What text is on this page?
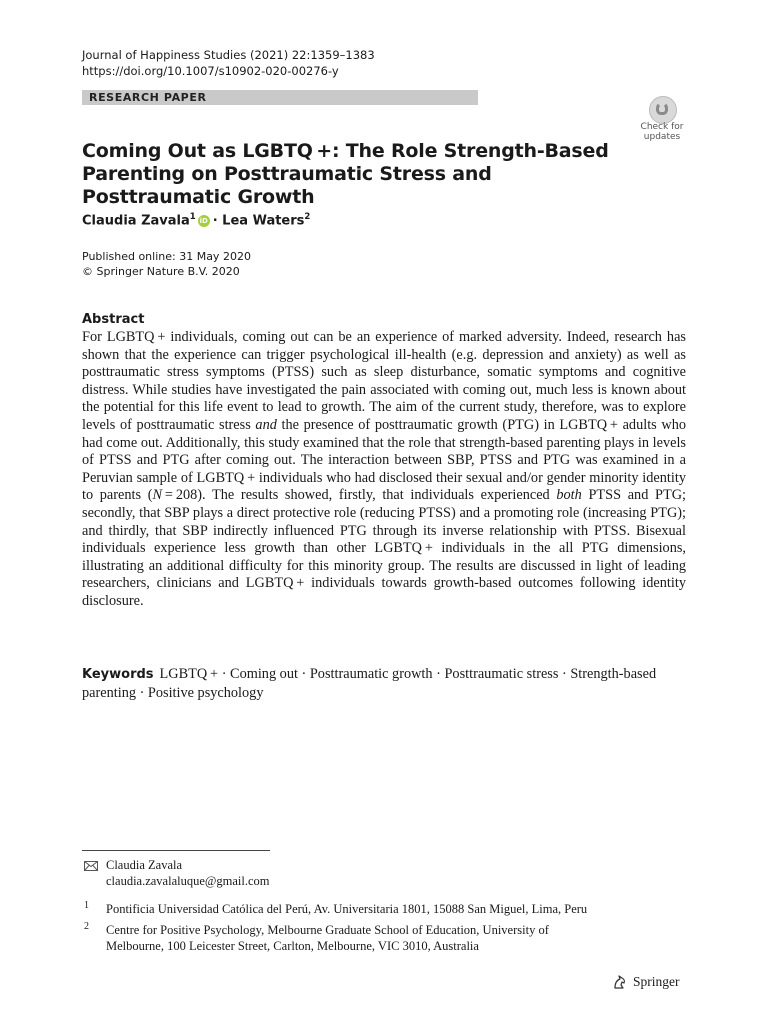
Journal of Happiness Studies (2021) 22:1359–1383
https://doi.org/10.1007/s10902-020-00276-y
RESEARCH PAPER
Check for updates
Coming Out as LGBTQ +: The Role Strength-Based Parenting on Posttraumatic Stress and Posttraumatic Growth
Claudia Zavala$^1$ iD · Lea Waters$^2$
Published online: 31 May 2020
© Springer Nature B.V. 2020
Abstract
For LGBTQ + individuals, coming out can be an experience of marked adversity. Indeed, research has shown that the experience can trigger psychological ill-health (e.g. depression and anxiety) as well as posttraumatic stress symptoms (PTSS) such as sleep disturbance, somatic symptoms and cognitive distress. While studies have investigated the pain associated with coming out, much less is known about the potential for this life event to lead to growth. The aim of the current study, therefore, was to explore levels of posttraumatic stress and the presence of posttraumatic growth (PTG) in LGBTQ + adults who had come out. Additionally, this study examined that the role that strength-based parenting plays in levels of PTSS and PTG after coming out. The interaction between SBP, PTSS and PTG was examined in a Peruvian sample of LGBTQ + individuals who had disclosed their sexual and/or gender minority identity to parents (N = 208). The results showed, firstly, that individuals experienced both PTSS and PTG; secondly, that SBP plays a direct protective role (reducing PTSS) and a promoting role (increasing PTG); and thirdly, that SBP indirectly influenced PTG through its inverse relationship with PTSS. Bisexual individuals experience less growth than other LGBTQ + individuals in the all PTG dimensions, illustrating an additional difficulty for this minority group. The results are discussed in light of leading researchers, clinicians and LGBTQ + individuals towards growth-based outcomes following identity disclosure.
Keywords LGBTQ + · Coming out · Posttraumatic growth · Posttraumatic stress · Strength-based parenting · Positive psychology
Claudia Zavala
claudia.zavalaluque@gmail.com
1 Pontificia Universidad Católica del Perú, Av. Universitaria 1801, 15088 San Miguel, Lima, Peru
2 Centre for Positive Psychology, Melbourne Graduate School of Education, University of Melbourne, 100 Leicester Street, Carlton, Melbourne, VIC 3010, Australia
Springer
